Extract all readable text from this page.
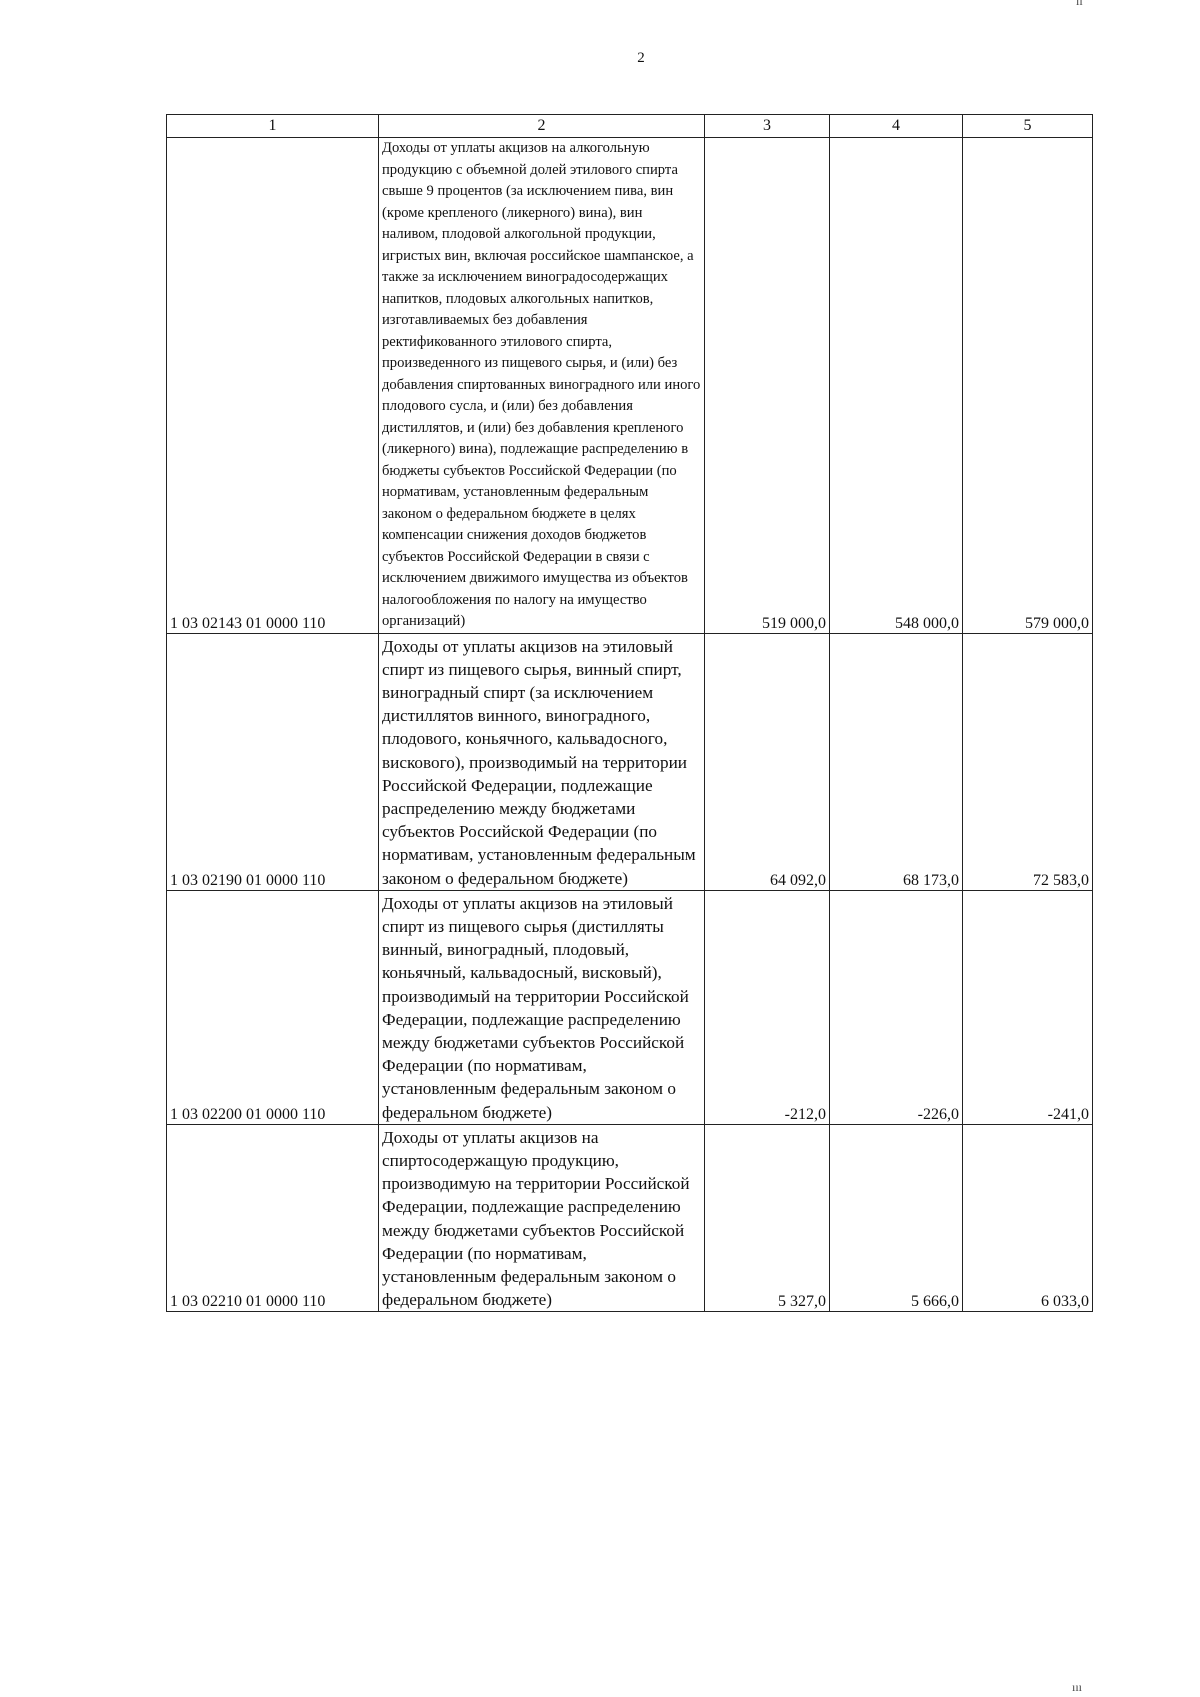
2
1	2	3	4	5
1 03 02143 01 0000 110	Доходы от уплаты акцизов на алкогольную продукцию с объемной долей этилового спирта свыше 9 процентов (за исключением пива, вин (кроме крепленого (ликерного) вина), вин наливом, плодовой алкогольной продукции, игристых вин, включая российское шампанское, а также за исключением виноградосодержащих напитков, плодовых алкогольных напитков, изготавливаемых без добавления ректификованного этилового спирта, произведенного из пищевого сырья, и (или) без добавления спиртованных виноградного или иного плодового сусла, и (или) без добавления дистиллятов, и (или) без добавления крепленого (ликерного) вина), подлежащие распределению в бюджеты субъектов Российской Федерации (по нормативам, установленным федеральным законом о федеральном бюджете в целях компенсации снижения доходов бюджетов субъектов Российской Федерации в связи с исключением движимого имущества из объектов налогообложения по налогу на имущество организаций)	519 000,0	548 000,0	579 000,0
1 03 02190 01 0000 110	Доходы от уплаты акцизов на этиловый спирт из пищевого сырья, винный спирт, виноградный спирт (за исключением дистиллятов винного, виноградного, плодового, коньячного, кальвадосного, вискового), производимый на территории Российской Федерации, подлежащие распределению между бюджетами субъектов Российской Федерации (по нормативам, установленным федеральным законом о федеральном бюджете)	64 092,0	68 173,0	72 583,0
1 03 02200 01 0000 110	Доходы от уплаты акцизов на этиловый спирт из пищевого сырья (дистилляты винный, виноградный, плодовый, коньячный, кальвадосный, висковый), производимый на территории Российской Федерации, подлежащие распределению между бюджетами субъектов Российской Федерации (по нормативам, установленным федеральным законом о федеральном бюджете)	-212,0	-226,0	-241,0
1 03 02210 01 0000 110	Доходы от уплаты акцизов на спиртосодержащую продукцию, производимую на территории Российской Федерации, подлежащие распределению между бюджетами субъектов Российской Федерации (по нормативам, установленным федеральным законом о федеральном бюджете)	5 327,0	5 666,0	6 033,0
ıı
ııı
